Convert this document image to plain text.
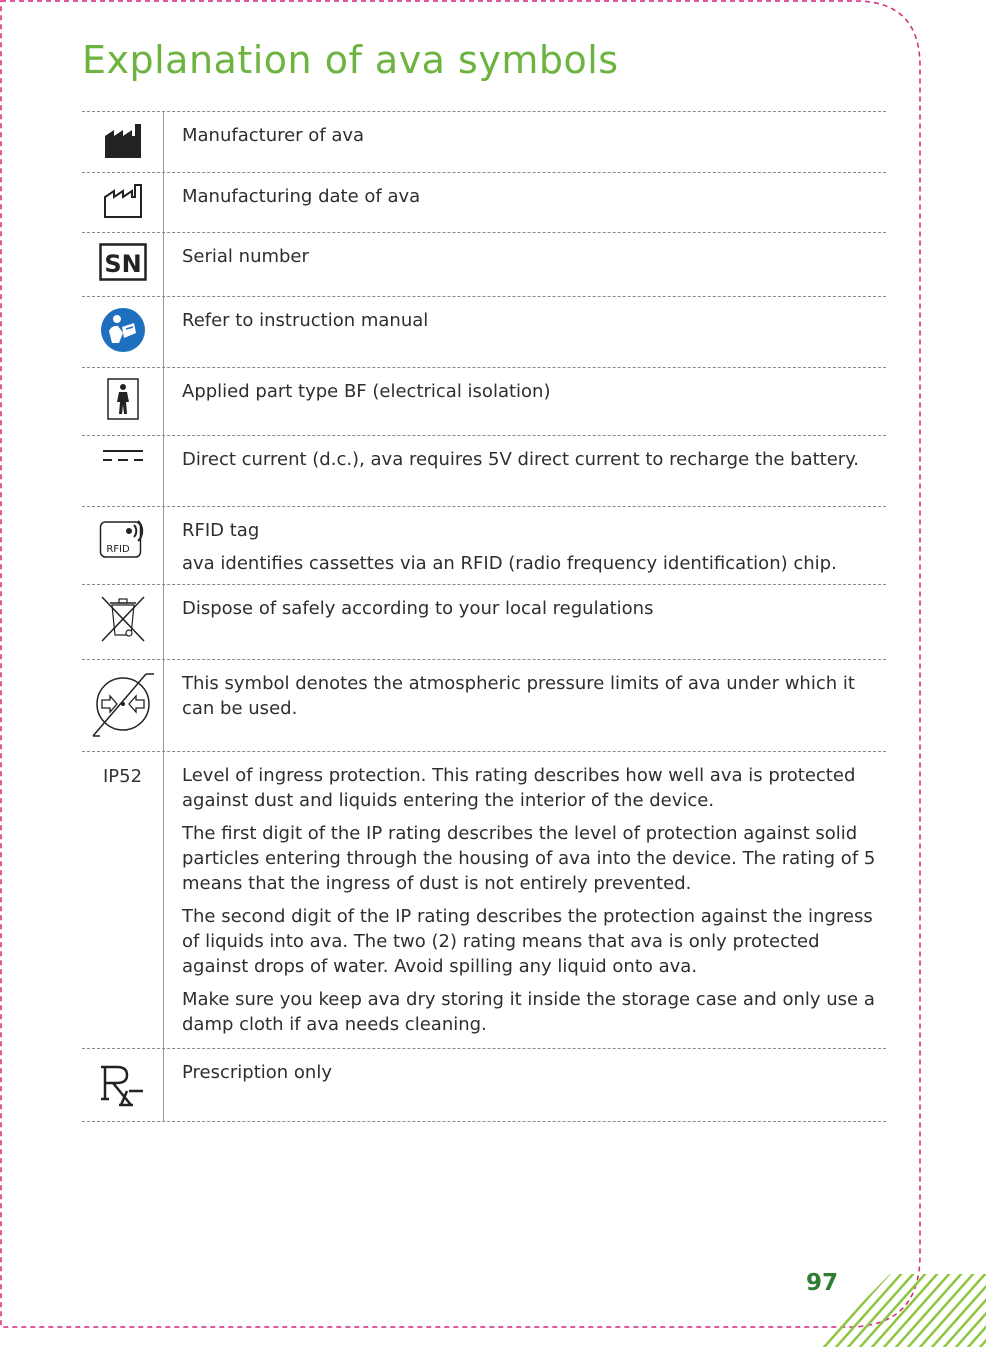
Explanation of ava symbols

Manufacturer of ava

Manufacturing date of ava

SN Serial number

Refer to instruction manual

Applied part type BF (electrical isolation)

Direct current (d.c.), ava requires 5V direct current to recharge the battery.

RFID

RFID tag

ava identifies cassettes via an RFID (radio frequency identification) chip.

Dispose of safely according to your local regulations

This symbol denotes the atmospheric pressure limits of ava under which it can be used.

IP52 Level of ingress protection. This rating describes how well ava is protected against dust and liquids entering the interior of the device.

The first digit of the IP rating describes the level of protection against solid particles entering through the housing of ava into the device. The rating of 5 means that the ingress of dust is not entirely prevented.

The second digit of the IP rating describes the protection against the ingress of liquids into ava. The two (2) rating means that ava is only protected against drops of water. Avoid spilling any liquid onto ava.

Make sure you keep ava dry storing it inside the storage case and only use a damp cloth if ava needs cleaning.

Prescription only

97
